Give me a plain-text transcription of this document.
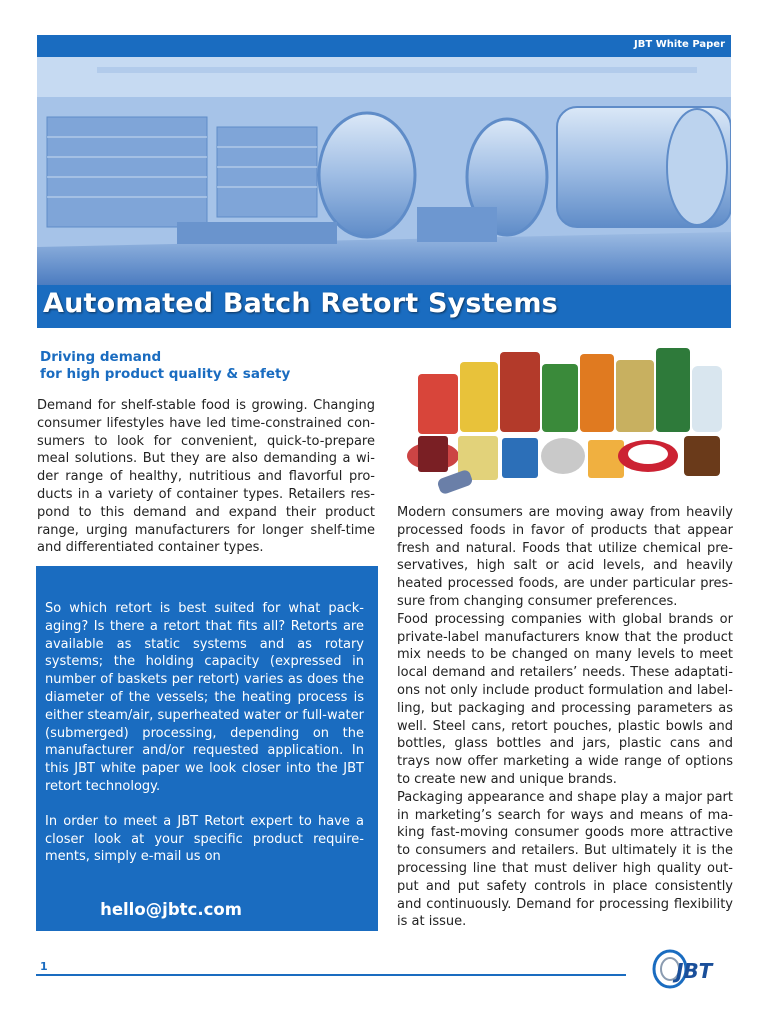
JBT White Paper
Automated Batch Retort Systems
Driving demand
for high product quality & safety

Demand for shelf-stable food is growing. Changing consumer lifestyles have led time-constrained consumers to look for convenient, quick-to-prepare meal solutions. But they are also demanding a wider range of healthy, nutritious and flavorful products in a variety of container types. Retailers respond to this demand and expand their product range, urging manufacturers for longer shelf-time and differentiated container types.

So which retort is best suited for what packaging? Is there a retort that fits all? Retorts are available as static systems and as rotary systems; the holding capacity (expressed in number of baskets per retort) varies as does the diameter of the vessels; the heating process is either steam/air, superheated water or full-water (submerged) processing, depending on the manufacturer and/or requested application. In this JBT white paper we look closer into the JBT retort technology.

In order to meet a JBT Retort expert to have a closer look at your specific product requirements, simply e-mail us on

hello@jbtc.com

Modern consumers are moving away from heavily processed foods in favor of products that appear fresh and natural. Foods that utilize chemical preservatives, high salt or acid levels, and heavily heated processed foods, are under particular pressure from changing consumer preferences.

Food processing companies with global brands or private-label manufacturers know that the product mix needs to be changed on many levels to meet local demand and retailers’ needs. These adaptations not only include product formulation and labelling, but packaging and processing parameters as well. Steel cans, retort pouches, plastic bowls and bottles, glass bottles and jars, plastic cans and trays now offer marketing a wide range of options to create new and unique brands.

Packaging appearance and shape play a major part in marketing’s search for ways and means of making fast-moving consumer goods more attractive to consumers and retailers. But ultimately it is the processing line that must deliver high quality output and put safety controls in place consistently and continuously. Demand for processing flexibility is at issue.

1	JBT
